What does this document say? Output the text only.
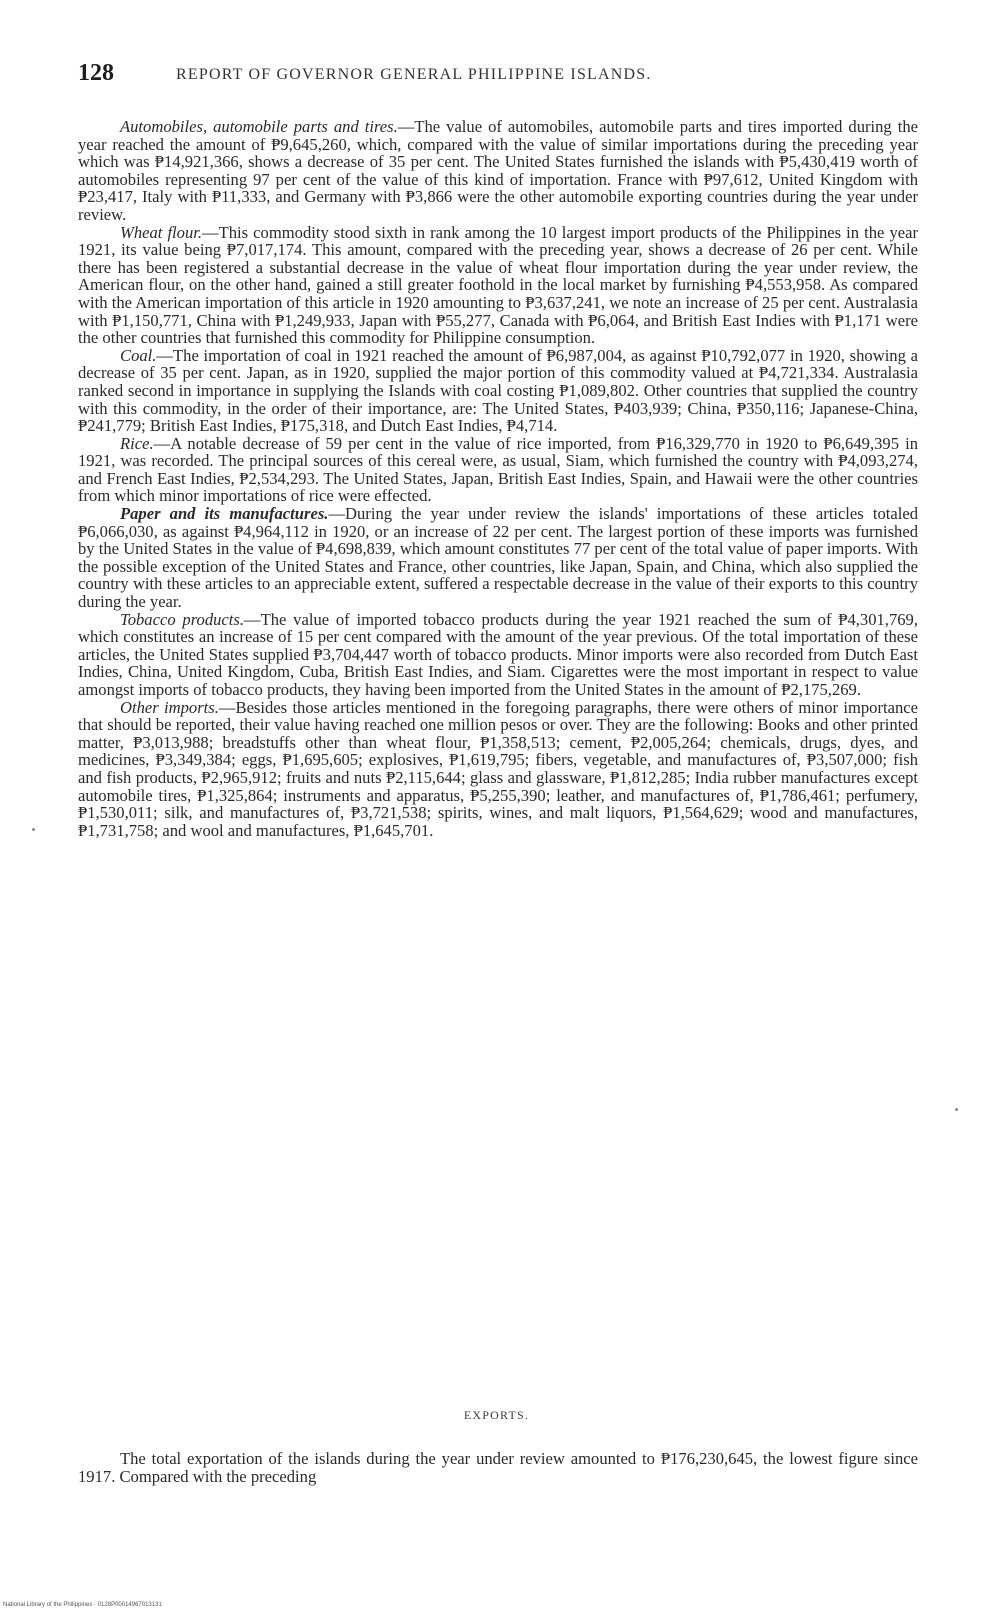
128	REPORT OF GOVERNOR GENERAL PHILIPPINE ISLANDS.

Automobiles, automobile parts and tires.—The value of automobiles, automobile parts and tires imported during the year reached the amount of ₱9,645,260, which, compared with the value of similar importations during the preceding year which was ₱14,921,366, shows a decrease of 35 per cent. The United States furnished the islands with ₱5,430,419 worth of automobiles representing 97 per cent of the value of this kind of importation. France with ₱97,612, United Kingdom with ₱23,417, Italy with ₱11,333, and Germany with ₱3,866 were the other automobile exporting countries during the year under review.

Wheat flour.—This commodity stood sixth in rank among the 10 largest import products of the Philippines in the year 1921, its value being ₱7,017,174. This amount, compared with the preceding year, shows a decrease of 26 per cent. While there has been registered a substantial decrease in the value of wheat flour importation during the year under review, the American flour, on the other hand, gained a still greater foothold in the local market by furnishing ₱4,553,958. As compared with the American importation of this article in 1920 amounting to ₱3,637,241, we note an increase of 25 per cent. Australasia with ₱1,150,771, China with ₱1,249,933, Japan with ₱55,277, Canada with ₱6,064, and British East Indies with ₱1,171 were the other countries that furnished this commodity for Philippine consumption.

Coal.—The importation of coal in 1921 reached the amount of ₱6,987,004, as against ₱10,792,077 in 1920, showing a decrease of 35 per cent. Japan, as in 1920, supplied the major portion of this commodity valued at ₱4,721,334. Australasia ranked second in importance in supplying the Islands with coal costing ₱1,089,802. Other countries that supplied the country with this commodity, in the order of their importance, are: The United States, ₱403,939; China, ₱350,116; Japanese-China, ₱241,779; British East Indies, ₱175,318, and Dutch East Indies, ₱4,714.

Rice.—A notable decrease of 59 per cent in the value of rice imported, from ₱16,329,770 in 1920 to ₱6,649,395 in 1921, was recorded. The principal sources of this cereal were, as usual, Siam, which furnished the country with ₱4,093,274, and French East Indies, ₱2,534,293. The United States, Japan, British East Indies, Spain, and Hawaii were the other countries from which minor importations of rice were effected.

Paper and its manufactures.—During the year under review the islands' importations of these articles totaled ₱6,066,030, as against ₱4,964,112 in 1920, or an increase of 22 per cent. The largest portion of these imports was furnished by the United States in the value of ₱4,698,839, which amount constitutes 77 per cent of the total value of paper imports. With the possible exception of the United States and France, other countries, like Japan, Spain, and China, which also supplied the country with these articles to an appreciable extent, suffered a respectable decrease in the value of their exports to this country during the year.

Tobacco products.—The value of imported tobacco products during the year 1921 reached the sum of ₱4,301,769, which constitutes an increase of 15 per cent compared with the amount of the year previous. Of the total importation of these articles, the United States supplied ₱3,704,447 worth of tobacco products. Minor imports were also recorded from Dutch East Indies, China, United Kingdom, Cuba, British East Indies, and Siam. Cigarettes were the most important in respect to value amongst imports of tobacco products, they having been imported from the United States in the amount of ₱2,175,269.

Other imports.—Besides those articles mentioned in the foregoing paragraphs, there were others of minor importance that should be reported, their value having reached one million pesos or over. They are the following: Books and other printed matter, ₱3,013,988; breadstuffs other than wheat flour, ₱1,358,513; cement, ₱2,005,264; chemicals, drugs, dyes, and medicines, ₱3,349,384; eggs, ₱1,695,605; explosives, ₱1,619,795; fibers, vegetable, and manufactures of, ₱3,507,000; fish and fish products, ₱2,965,912; fruits and nuts ₱2,115,644; glass and glassware, ₱1,812,285; India rubber manufactures except automobile tires, ₱1,325,864; instruments and apparatus, ₱5,255,390; leather, and manufactures of, ₱1,786,461; perfumery, ₱1,530,011; silk, and manufactures of, ₱3,721,538; spirits, wines, and malt liquors, ₱1,564,629; wood and manufactures, ₱1,731,758; and wool and manufactures, ₱1,645,701.

EXPORTS.

The total exportation of the islands during the year under review amounted to ₱176,230,645, the lowest figure since 1917. Compared with the preceding

National Library of the Philippines · 0128P00014967013131
